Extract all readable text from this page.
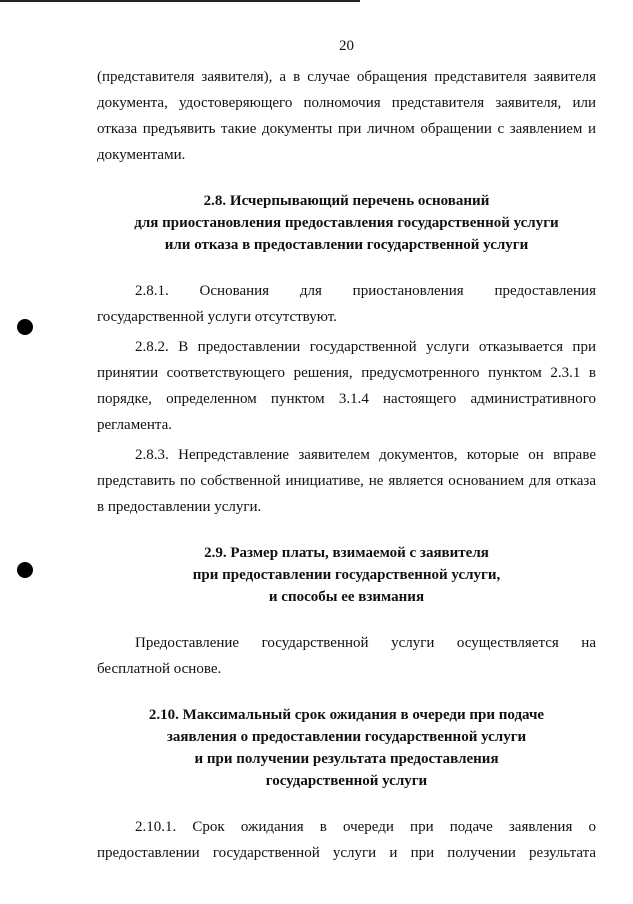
20

(представителя заявителя), а в случае обращения представителя заявителя документа, удостоверяющего полномочия представителя заявителя, или отказа предъявить такие документы при личном обращении с заявлением и документами.

2.8. Исчерпывающий перечень оснований
для приостановления предоставления государственной услуги
или отказа в предоставлении государственной услуги

2.8.1. Основания для приостановления предоставления государственной услуги отсутствуют.

2.8.2. В предоставлении государственной услуги отказывается при принятии соответствующего решения, предусмотренного пунктом 2.3.1 в порядке, определенном пунктом 3.1.4 настоящего административного регламента.

2.8.3. Непредставление заявителем документов, которые он вправе представить по собственной инициативе, не является основанием для отказа в предоставлении услуги.

2.9. Размер платы, взимаемой с заявителя
при предоставлении государственной услуги,
и способы ее взимания

Предоставление государственной услуги осуществляется на бесплатной основе.

2.10. Максимальный срок ожидания в очереди при подаче
заявления о предоставлении государственной услуги
и при получении результата предоставления
государственной услуги

2.10.1. Срок ожидания в очереди при подаче заявления о предоставлении государственной услуги и при получении результата
